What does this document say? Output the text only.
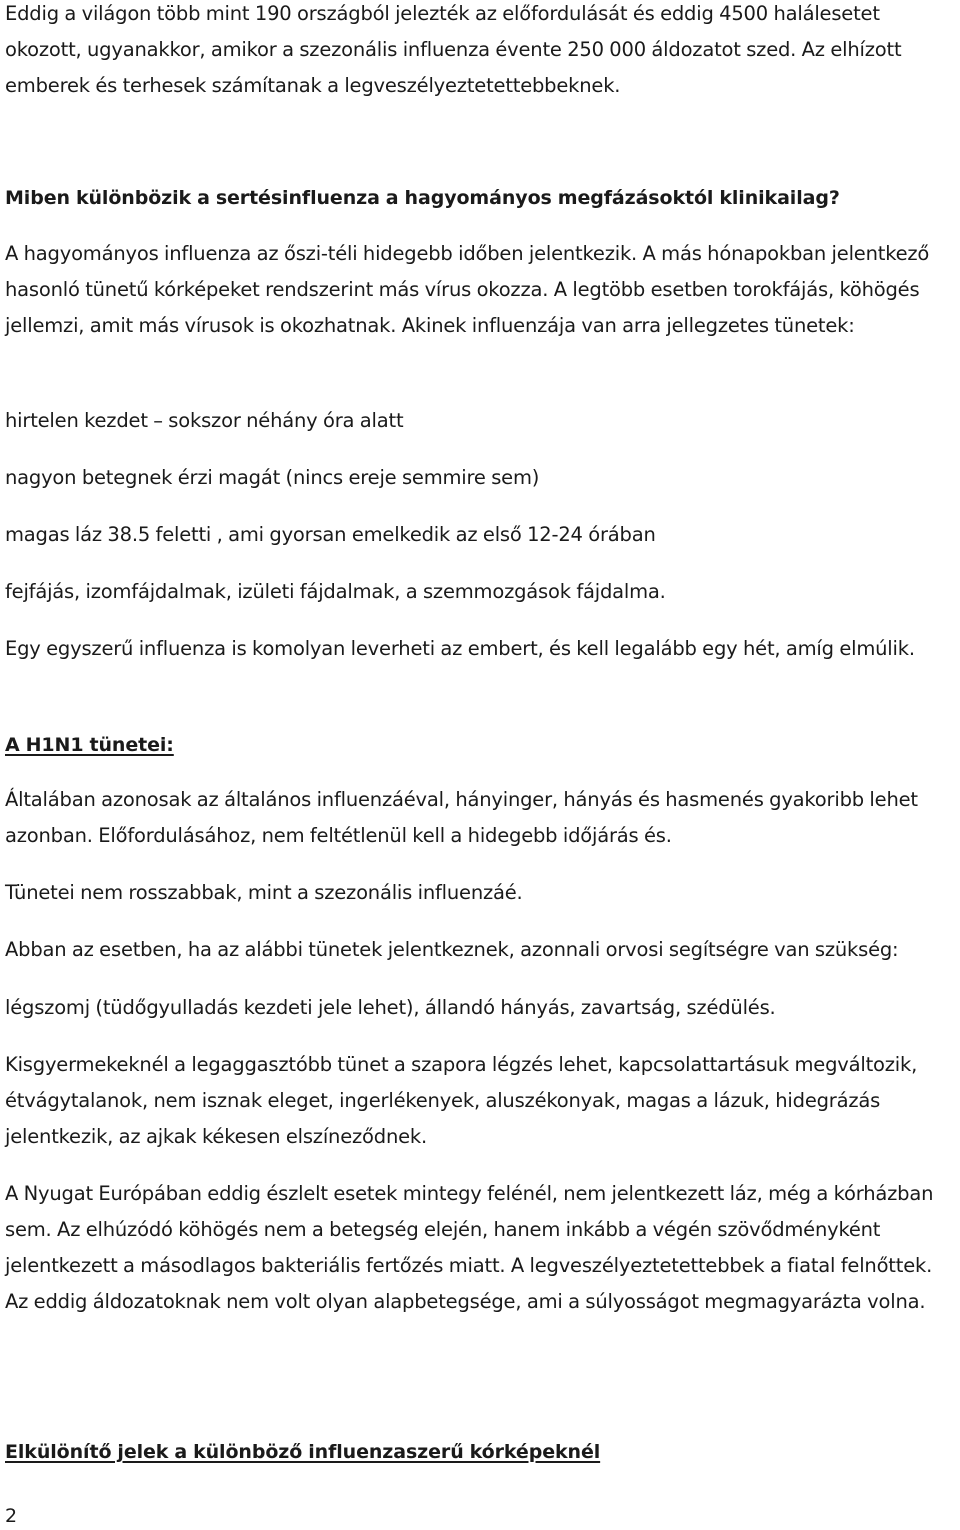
Eddig a világon több mint 190 országból jelezték az előfordulását és eddig 4500 halálesetet okozott, ugyanakkor, amikor a szezonális influenza évente 250 000 áldozatot szed. Az elhízott emberek és terhesek számítanak a legveszélyeztetettebbeknek.

Miben különbözik a sertésinfluenza a hagyományos megfázásoktól klinikailag?

A hagyományos influenza az őszi-téli hidegebb időben jelentkezik. A más hónapokban jelentkező hasonló tünetű kórképeket rendszerint más vírus okozza. A legtöbb esetben torokfájás, köhögés jellemzi, amit más vírusok is okozhatnak. Akinek influenzája van arra jellegzetes tünetek:

hirtelen kezdet – sokszor néhány óra alatt

nagyon betegnek érzi magát (nincs ereje semmire sem)

magas láz 38.5 feletti , ami gyorsan emelkedik az első 12-24 órában

fejfájás, izomfájdalmak, izületi fájdalmak, a szemmozgások fájdalma.

Egy egyszerű influenza is komolyan leverheti az embert, és kell legalább egy hét, amíg elmúlik.

A H1N1 tünetei:

Általában azonosak az általános influenzáéval, hányinger, hányás és hasmenés gyakoribb lehet azonban. Előfordulásához, nem feltétlenül kell a hidegebb időjárás és.

Tünetei nem rosszabbak, mint a szezonális influenzáé.

Abban az esetben, ha az alábbi tünetek jelentkeznek, azonnali orvosi segítségre van szükség:

légszomj (tüdőgyulladás kezdeti jele lehet), állandó hányás, zavartság, szédülés.

Kisgyermekeknél a legaggasztóbb tünet a szapora légzés lehet, kapcsolattartásuk megváltozik, étvágytalanok, nem isznak eleget, ingerlékenyek, aluszékonyak, magas a lázuk, hidegrázás jelentkezik, az ajkak kékesen elszíneződnek.

A Nyugat Európában eddig észlelt esetek mintegy felénél, nem jelentkezett láz, még a kórházban sem. Az elhúzódó köhögés nem a betegség elején, hanem inkább a végén szövődményként jelentkezett a másodlagos bakteriális fertőzés miatt. A legveszélyeztetettebbek a fiatal felnőttek. Az eddig áldozatoknak nem volt olyan alapbetegsége, ami a súlyosságot megmagyarázta volna.

Elkülönítő jelek a különböző influenzaszerű kórképeknél

2
